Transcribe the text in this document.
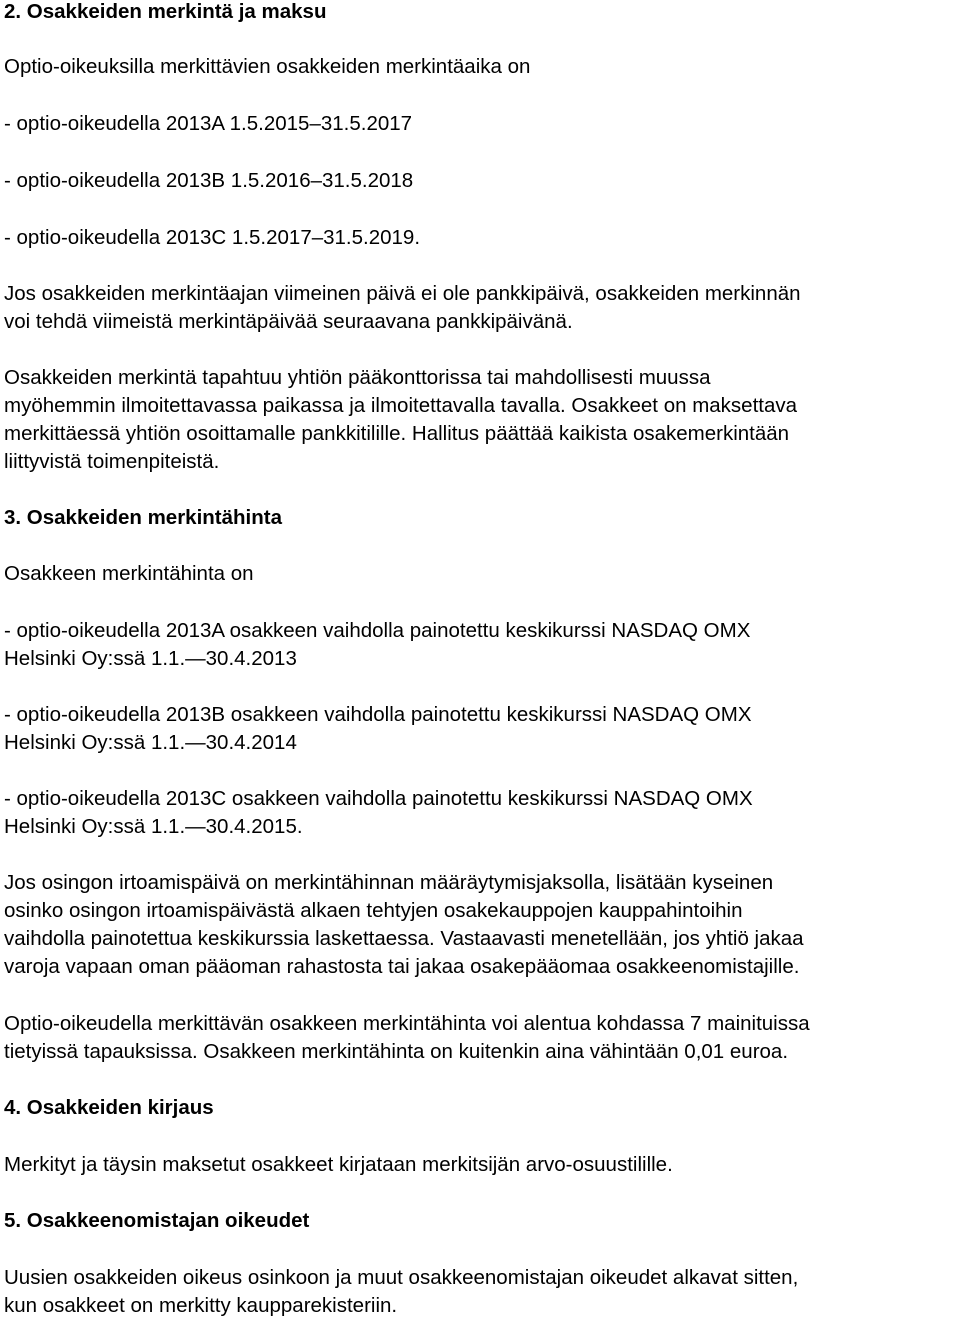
2. Osakkeiden merkintä ja maksu
Optio-oikeuksilla merkittävien osakkeiden merkintäaika on
- optio-oikeudella 2013A 1.5.2015–31.5.2017
- optio-oikeudella 2013B 1.5.2016–31.5.2018
- optio-oikeudella 2013C 1.5.2017–31.5.2019.
Jos osakkeiden merkintäajan viimeinen päivä ei ole pankkipäivä, osakkeiden merkinnän
voi tehdä viimeistä merkintäpäivää seuraavana pankkipäivänä.
Osakkeiden merkintä tapahtuu yhtiön pääkonttorissa tai mahdollisesti muussa
myöhemmin ilmoitettavassa paikassa ja ilmoitettavalla tavalla. Osakkeet on maksettava
merkittäessä yhtiön osoittamalle pankkitilille. Hallitus päättää kaikista osakemerkintään
liittyvistä toimenpiteistä.
3. Osakkeiden merkintähinta
Osakkeen merkintähinta on
- optio-oikeudella 2013A osakkeen vaihdolla painotettu keskikurssi NASDAQ OMX
Helsinki Oy:ssä 1.1.—30.4.2013
- optio-oikeudella 2013B osakkeen vaihdolla painotettu keskikurssi NASDAQ OMX
Helsinki Oy:ssä 1.1.—30.4.2014
- optio-oikeudella 2013C osakkeen vaihdolla painotettu keskikurssi NASDAQ OMX
Helsinki Oy:ssä 1.1.—30.4.2015.
Jos osingon irtoamispäivä on merkintähinnan määräytymisjaksolla, lisätään kyseinen
osinko osingon irtoamispäivästä alkaen tehtyjen osakekauppojen kauppahintoihin
vaihdolla painotettua keskikurssia laskettaessa. Vastaavasti menetellään, jos yhtiö jakaa
varoja vapaan oman pääoman rahastosta tai jakaa osakepääomaa osakkeenomistajille.
Optio-oikeudella merkittävän osakkeen merkintähinta voi alentua kohdassa 7 mainituissa
tietyissä tapauksissa. Osakkeen merkintähinta on kuitenkin aina vähintään 0,01 euroa.
4. Osakkeiden kirjaus
Merkityt ja täysin maksetut osakkeet kirjataan merkitsijän arvo-osuustilille.
5. Osakkeenomistajan oikeudet
Uusien osakkeiden oikeus osinkoon ja muut osakkeenomistajan oikeudet alkavat sitten,
kun osakkeet on merkitty kaupparekisteriin.
